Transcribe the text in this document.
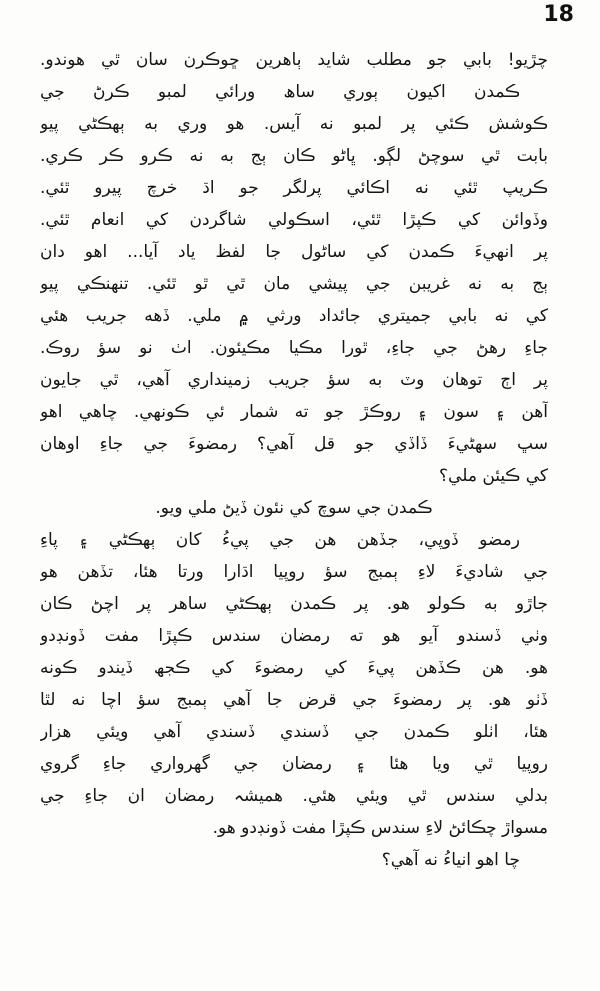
18
چڙيو! بابي جو مطلب شايد ٻاهرين ڇوڪرن سان ٿي ھوندو.
ڪمدن اکيون ٻوري ساھ ورائي لمبو ڪرڻ جي
ڪوشش ڪئي پر لمبو نه آيس. ھو وري به ٻهڪڻي پيو
بابت ٿي سوچڻ لڳو. ڀاڻو ڪان ٻج به نه ڪرو ڪر ڪري.
ڪريپ ٿئي نه اڪائي پرلگر جو اڌ خرچ پيرو ٿئي.
وڏوائن کي ڪپڙا ٿئي، اسڪولي شاگردن کي انعام ٿئي.
پر انهيءَ ڪمدن کي ساڻول جا لفظ ياد آيا... اھو دان
ٻج به نه غريبن جي پيشي مان ٿي ٿو ٿئي. تنهنڪي پيو
کي نه بابي جميتري جائداد ورثي ۾ ملي. ڏهه جريب هئي
جاءِ رهڻ جي جاءِ، ٿورا مڪيا مڪيئون. اٺ نو سؤ روڪ.
پر اڄ توهان وٽ به سؤ جريب زمينداري آهي، ٿي جايون
آهن ۽ سون ۽ روڪڙ جو ته شمار ئي ڪونهي. چاهي اھو
سڀ سهڻيءَ ڏاڏي جو قل آهي؟ رمضوءَ جي جاءِ اوهان
کي ڪيئن ملي؟
ڪمدن جي سوچ کي نئون ڏيڻ ملي ويو.
رمضو ڏوپي، جڏهن هن جي پيءُ کان ٻهڪڻي ۽ پاءِ
جي شاديءَ لاءِ ٻمبج سؤ روپيا اڌارا ورتا هئا، تڏهن هو
جاڙو به ڪولو هو. پر ڪمدن ٻهڪڻي ساھر پر اچڻ ڪان
وٺي ڏسندو آيو هو ته رمضان سندس ڪپڙا مفت ڏونڊدو
هو. هن ڪڏهن پيءَ کي رمضوءَ کي ڪجھ ڏيندو ڪونه
ڏٺو هو. پر رمضوءَ جي قرض جا آهي ٻمبج سؤ اچا نه لٿا
هئا، اٺلو ڪمدن جي ڏسندي ڏسندي آهي ويئي هزار
روپيا ٿي ويا هئا ۽ رمضان جي گهرواري جاءِ گروي
بدلي سندس ٿي ويئي هئي. هميشہ رمضان ان جاءِ جي
مسواڙ چڪائڻ لاءِ سندس ڪپڙا مفت ڏونڊدو هو.
چا اهو انياءُ نه آهي؟
